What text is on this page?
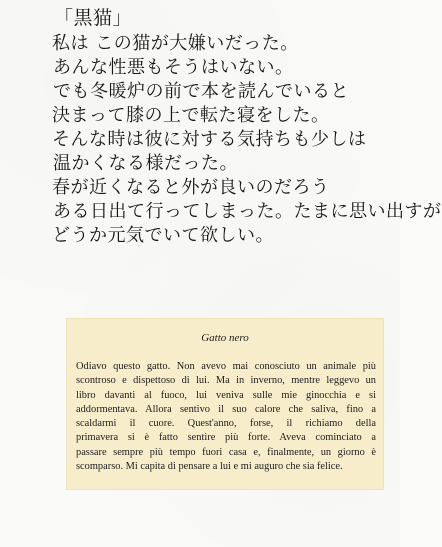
「黒猫」
私は この猫が大嫌いだった。
あんな性悪もそうはいない。
でも冬暖炉の前で本を読んでいると
決まって膝の上で転た寝をした。
そんな時は彼に対する気持ちも少しは
温かくなる様だった。
春が近くなると外が良いのだろう
ある日出て行ってしまった。たまに思い出すが
どうか元気でいて欲しい。
Gatto nero
Odiavo questo gatto. Non avevo mai conosciuto un animale più
scontroso e dispettoso di lui. Ma in inverno, mentre leggevo un
libro davanti al fuoco, lui veniva sulle mie ginocchia e si
addormentava. Allora sentivo il suo calore che saliva, fino a
scaldarmi il cuore. Quest'anno, forse, il richiamo della
primavera si è fatto sentire più forte. Aveva cominciato a
passare sempre più tempo fuori casa e, finalmente, un giorno è
scomparso. Mi capita di pensare a lui e mi auguro che sia felice.
